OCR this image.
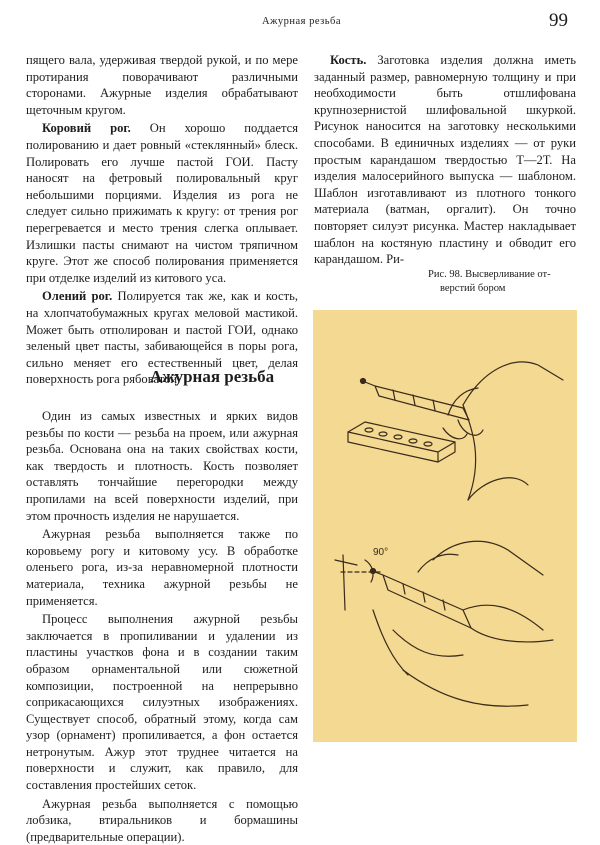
Ажурная резьба	99

пящего вала, удерживая твердой рукой, и по мере протирания поворачивают различными сторонами. Ажурные изделия обрабатывают щеточным кругом.

Коровий рог. Он хорошо поддается полированию и дает ровный «стеклянный» блеск. Полировать его лучше пастой ГОИ. Пасту наносят на фетровый полировальный круг небольшими порциями. Изделия из рога не следует сильно прижимать к кругу: от трения рог перегревается и место трения слегка оплывает. Излишки пасты снимают на чистом тряпичном круге. Этот же способ полирования применяется при отделке изделий из китового уса.

Олений рог. Полируется так же, как и кость, на хлопчатобумажных кругах меловой мастикой. Может быть отполирован и пастой ГОИ, однако зеленый цвет пасты, забивающейся в поры рога, сильно меняет его естественный цвет, делая поверхность рога рябоватой.

Ажурная резьба

Один из самых известных и ярких видов резьбы по кости — резьба на проем, или ажурная резьба. Основана она на таких свойствах кости, как твердость и плотность. Кость позволяет оставлять тончайшие перегородки между пропилами на всей поверхности изделий, при этом прочность изделия не нарушается.

Ажурная резьба выполняется также по коровьему рогу и китовому усу. В обработке оленьего рога, из-за неравномерной плотности материала, техника ажурной резьбы не применяется.

Процесс выполнения ажурной резьбы заключается в пропиливании и удалении из пластины участков фона и в создании таким образом орнаментальной или сюжетной композиции, построенной на непрерывно соприкасающихся силуэтных изображениях. Существует способ, обратный этому, когда сам узор (орнамент) пропиливается, а фон остается нетронутым. Ажур этот труднее читается на поверхности и служит, как правило, для составления простейших сеток.

Ажурная резьба выполняется с помощью лобзика, втиральников и бормашины (предварительные операции).

Кость. Заготовка изделия должна иметь заданный размер, равномерную толщину и при необходимости быть отшлифована крупнозернистой шлифовальной шкуркой. Рисунок наносится на заготовку несколькими способами. В единичных изделиях — от руки простым карандашом твердостью Т—2Т. На изделия малосерийного выпуска — шаблоном. Шаблон изготавливают из плотного тонкого материала (ватман, оргалит). Он точно повторяет силуэт рисунка. Мастер накладывает шаблон на костяную пластину и обводит его карандашом. Ри-

Рис. 98. Высверливание от-
верстий бором
90°
